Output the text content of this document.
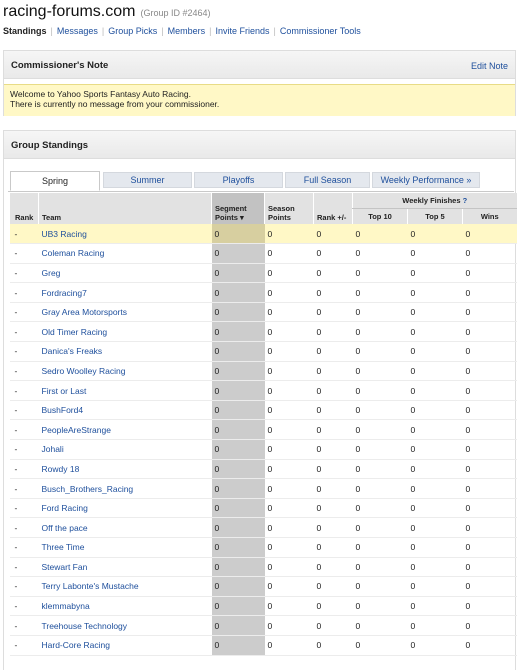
racing-forums.com (Group ID #2464)
Standings | Messages | Group Picks | Members | Invite Friends | Commissioner Tools
Commissioner's Note	Edit Note
Welcome to Yahoo Sports Fantasy Auto Racing.
There is currently no message from your commissioner.
Group Standings
Spring	Summer	Playoffs	Full Season	Weekly Performance »
Rank	Team	Segment Points ▾	Season Points	Rank +/-	Weekly Finishes ?		
					Top 10	Top 5	Wins
-	UB3 Racing	0	0	0	0	0	0
-	Coleman Racing	0	0	0	0	0	0
-	Greg	0	0	0	0	0	0
-	Fordracing7	0	0	0	0	0	0
-	Gray Area Motorsports	0	0	0	0	0	0
-	Old Timer Racing	0	0	0	0	0	0
-	Danica's Freaks	0	0	0	0	0	0
-	Sedro Woolley Racing	0	0	0	0	0	0
-	First or Last	0	0	0	0	0	0
-	BushFord4	0	0	0	0	0	0
-	PeopleAreStrange	0	0	0	0	0	0
-	Johali	0	0	0	0	0	0
-	Rowdy 18	0	0	0	0	0	0
-	Busch_Brothers_Racing	0	0	0	0	0	0
-	Ford Racing	0	0	0	0	0	0
-	Off the pace	0	0	0	0	0	0
-	Three Time	0	0	0	0	0	0
-	Stewart Fan	0	0	0	0	0	0
-	Terry Labonte's Mustache	0	0	0	0	0	0
-	klemmabyna	0	0	0	0	0	0
-	Treehouse Technology	0	0	0	0	0	0
-	Hard-Core Racing	0	0	0	0	0	0
